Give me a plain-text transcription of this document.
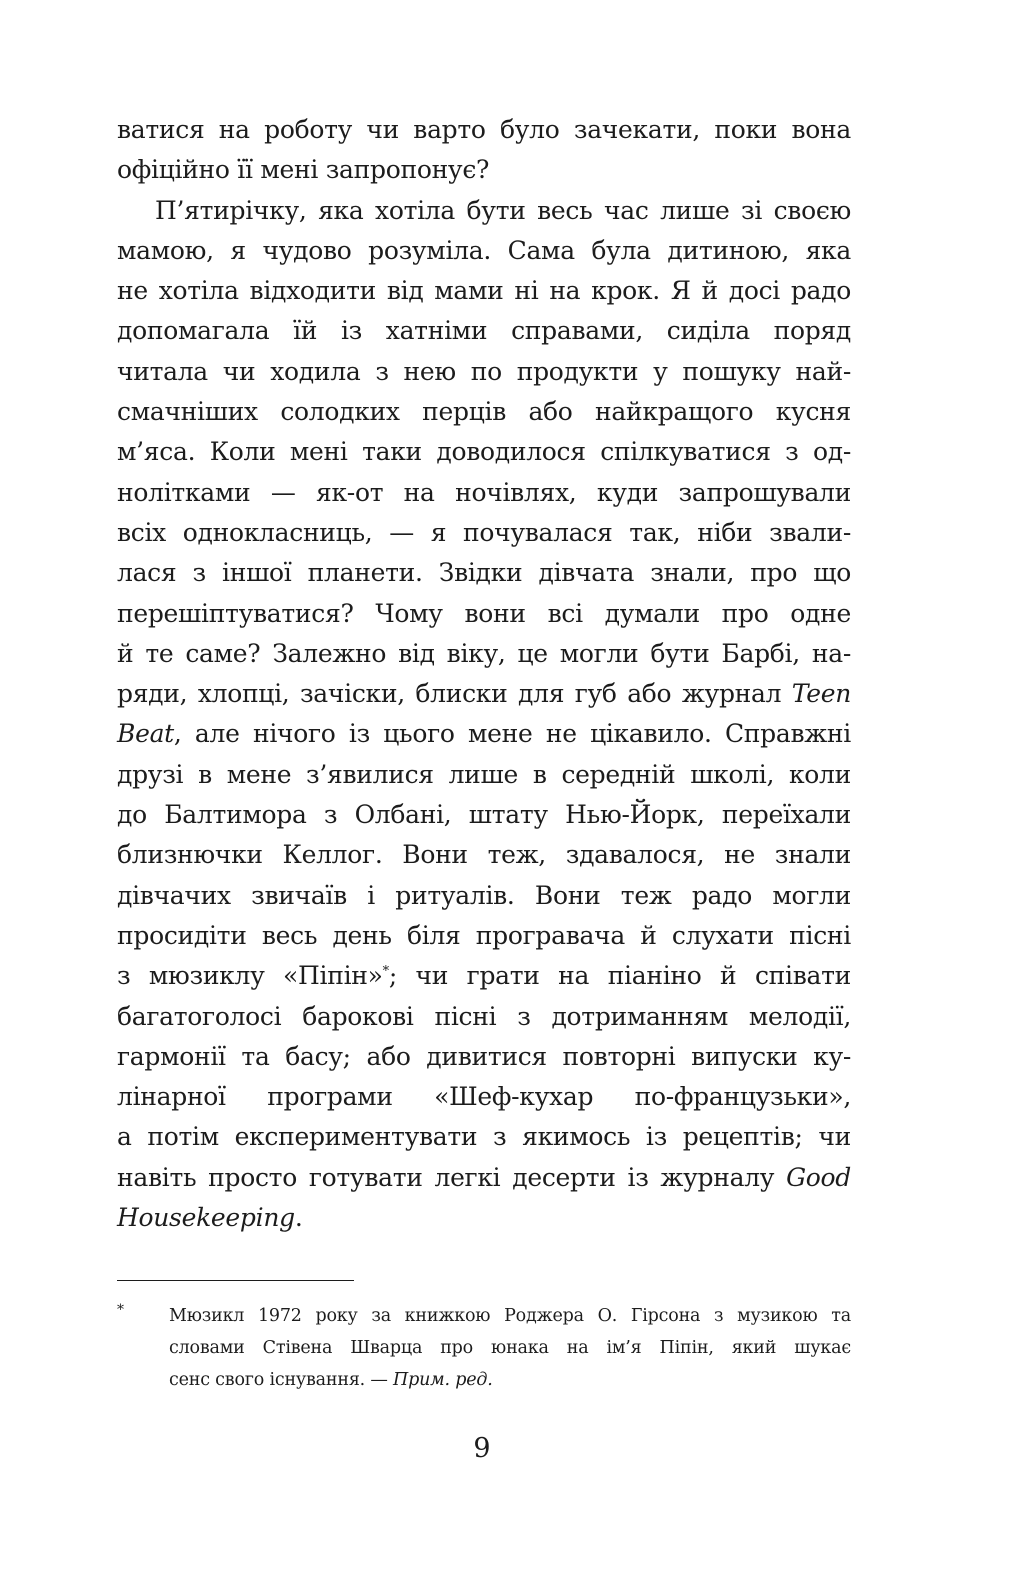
ватися на роботу чи варто було зачекати, поки вона
офіційно її мені запропонує?
П’ятирічку, яка хотіла бути весь час лише зі своєю
мамою, я чудово розуміла. Сама була дитиною, яка
не хотіла відходити від мами ні на крок. Я й досі радо
допомагала їй із хатніми справами, сиділа поряд
читала чи ходила з нею по продукти у пошуку най-
смачніших солодких перців або найкращого кусня
м’яса. Коли мені таки доводилося спілкуватися з од-
нолітками — як-от на ночівлях, куди запрошували
всіх однокласниць, — я почувалася так, ніби звали-
лася з іншої планети. Звідки дівчата знали, про що
перешіптуватися? Чому вони всі думали про одне
й те саме? Залежно від віку, це могли бути Барбі, на-
ряди, хлопці, зачіски, блиски для губ або журнал Teen
Beat, але нічого із цього мене не цікавило. Справжні
друзі в мене з’явилися лише в середній школі, коли
до Балтимора з Олбані, штату Нью-Йорк, переїхали
близнючки Келлог. Вони теж, здавалося, не знали
дівчачих звичаїв і ритуалів. Вони теж радо могли
просидіти весь день біля програвача й слухати пісні
з мюзиклу «Піпін»*; чи грати на піаніно й співати
багатоголосі барокові пісні з дотриманням мелодії,
гармонії та басу; або дивитися повторні випуски ку-
лінарної програми «Шеф-кухар по-французьки»,
а потім експериментувати з якимось із рецептів; чи
навіть просто готувати легкі десерти із журналу Good
Housekeeping.
*	Мюзикл 1972 року за книжкою Роджера О. Гірсона з музикою та
словами Стівена Шварца про юнака на ім’я Піпін, який шукає
сенс свого існування. — Прим. ред.
9
